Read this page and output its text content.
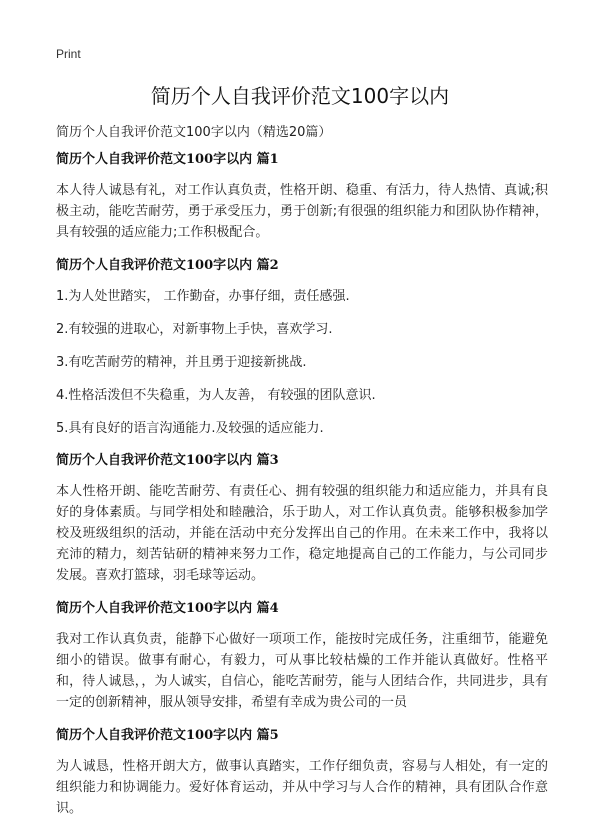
Print
简历个人自我评价范文100字以内

简历个人自我评价范文100字以内（精选20篇）

简历个人自我评价范文100字以内 篇1

本人待人诚恳有礼，对工作认真负责，性格开朗、稳重、有活力，待人热情、真诚;积极主动，能吃苦耐劳，勇于承受压力，勇于创新;有很强的组织能力和团队协作精神，具有较强的适应能力;工作积极配合。

简历个人自我评价范文100字以内 篇2

1.为人处世踏实， 工作勤奋，办事仔细，责任感强.

2.有较强的进取心，对新事物上手快，喜欢学习.

3.有吃苦耐劳的精神，并且勇于迎接新挑战.

4.性格活泼但不失稳重，为人友善， 有较强的团队意识.

5.具有良好的语言沟通能力.及较强的适应能力.

简历个人自我评价范文100字以内 篇3

本人性格开朗、能吃苦耐劳、有责任心、拥有较强的组织能力和适应能力，并具有良好的身体素质。与同学相处和睦融洽，乐于助人，对工作认真负责。能够积极参加学校及班级组织的活动，并能在活动中充分发挥出自己的作用。在未来工作中，我将以充沛的精力，刻苦钻研的精神来努力工作，稳定地提高自己的工作能力，与公司同步发展。喜欢打篮球，羽毛球等运动。

简历个人自我评价范文100字以内 篇4

我对工作认真负责，能静下心做好一项项工作，能按时完成任务，注重细节，能避免细小的错误。做事有耐心，有毅力，可从事比较枯燥的工作并能认真做好。性格平和，待人诚恳，，为人诚实，自信心，能吃苦耐劳，能与人团结合作，共同进步，具有一定的创新精神，服从领导安排，希望有幸成为贵公司的一员

简历个人自我评价范文100字以内 篇5

为人诚恳，性格开朗大方，做事认真踏实，工作仔细负责，容易与人相处，有一定的组织能力和协调能力。爱好体育运动，并从中学习与人合作的精神，具有团队合作意识。
